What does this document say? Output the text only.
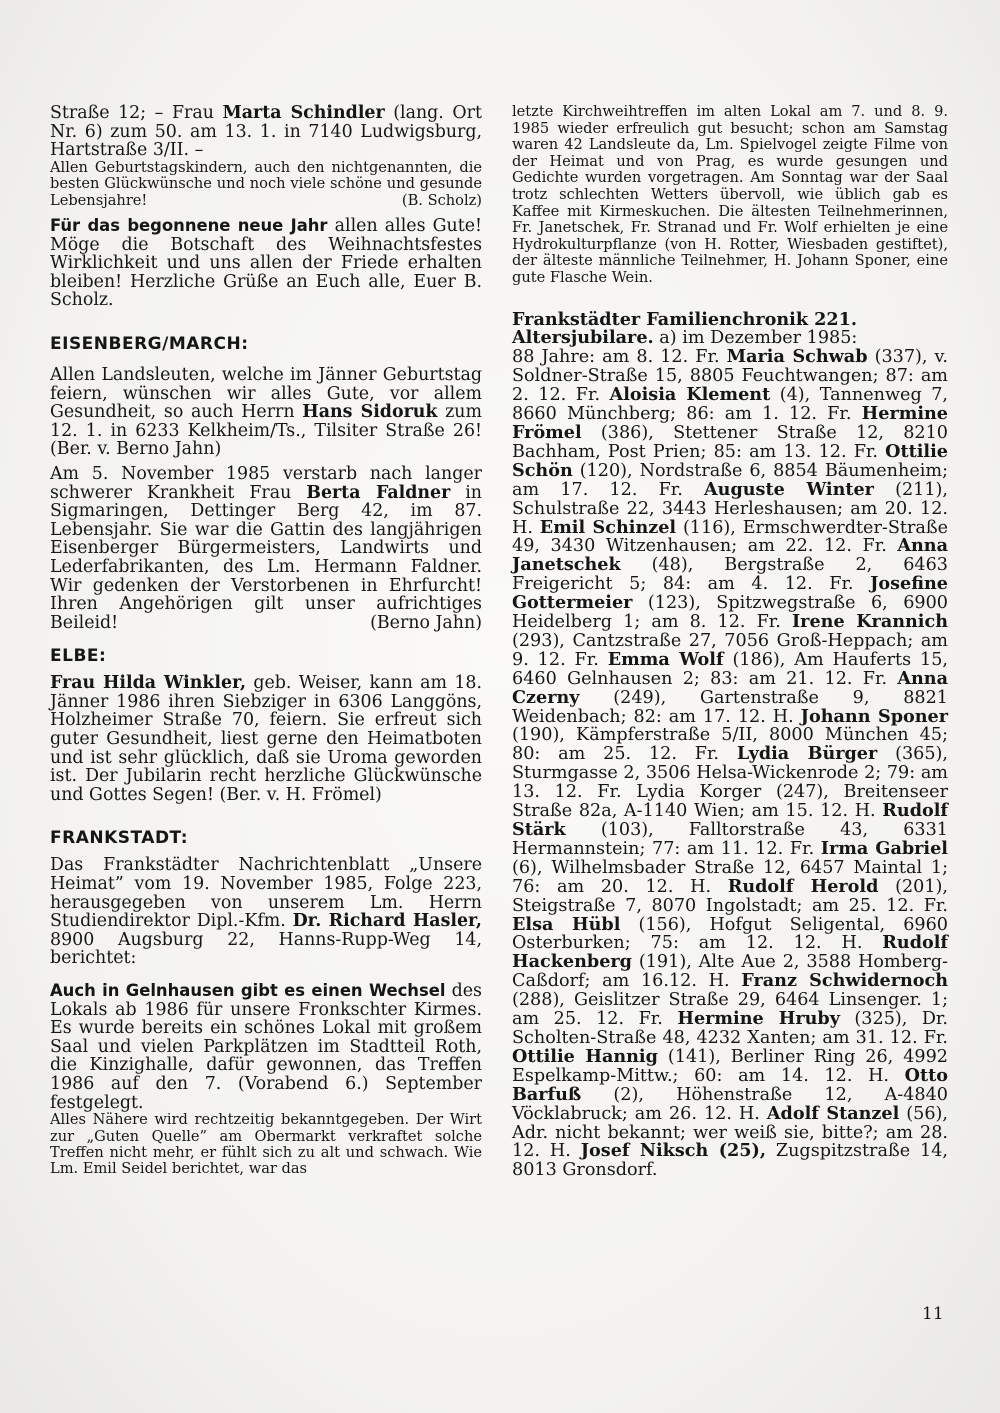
Straße 12; – Frau Marta Schindler (lang. Ort Nr. 6) zum 50. am 13. 1. in 7140 Ludwigsburg, Hartstraße 3/II. –

Allen Geburtstagskindern, auch den nichtgenannten, die besten Glückwünsche und noch viele schöne und gesunde Lebensjahre!	(B. Scholz)

Für das begonnene neue Jahr allen alles Gute! Möge die Botschaft des Weihnachtsfestes Wirklichkeit und uns allen der Friede erhalten bleiben! Herzliche Grüße an Euch alle, Euer B. Scholz.

EISENBERG/MARCH:

Allen Landsleuten, welche im Jänner Geburtstag feiern, wünschen wir alles Gute, vor allem Gesundheit, so auch Herrn Hans Sidoruk zum 12. 1. in 6233 Kelkheim/Ts., Tilsiter Straße 26! (Ber. v. Berno Jahn)

Am 5. November 1985 verstarb nach langer schwerer Krankheit Frau Berta Faldner in Sigmaringen, Dettinger Berg 42, im 87. Lebensjahr. Sie war die Gattin des langjährigen Eisenberger Bürgermeisters, Landwirts und Lederfabrikanten, des Lm. Hermann Faldner. Wir gedenken der Verstorbenen in Ehrfurcht! Ihren Angehörigen gilt unser aufrichtiges Beileid!	(Berno Jahn)

ELBE:

Frau Hilda Winkler, geb. Weiser, kann am 18. Jänner 1986 ihren Siebziger in 6306 Langgöns, Holzheimer Straße 70, feiern. Sie erfreut sich guter Gesundheit, liest gerne den Heimatboten und ist sehr glücklich, daß sie Uroma geworden ist. Der Jubilarin recht herzliche Glückwünsche und Gottes Segen! (Ber. v. H. Frömel)

FRANKSTADT:

Das Frankstädter Nachrichtenblatt „Unsere Heimat” vom 19. November 1985, Folge 223, herausgegeben von unserem Lm. Herrn Studiendirektor Dipl.-Kfm. Dr. Richard Hasler, 8900 Augsburg 22, Hanns-Rupp-Weg 14, berichtet:

Auch in Gelnhausen gibt es einen Wechsel des Lokals ab 1986 für unsere Fronkschter Kirmes. Es wurde bereits ein schönes Lokal mit großem Saal und vielen Parkplätzen im Stadtteil Roth, die Kinzighalle, dafür gewonnen, das Treffen 1986 auf den 7. (Vorabend 6.) September festgelegt.

Alles Nähere wird rechtzeitig bekanntgegeben. Der Wirt zur „Guten Quelle” am Obermarkt verkraftet solche Treffen nicht mehr, er fühlt sich zu alt und schwach. Wie Lm. Emil Seidel berichtet, war das

letzte Kirchweihtreffen im alten Lokal am 7. und 8. 9. 1985 wieder erfreulich gut besucht; schon am Samstag waren 42 Landsleute da, Lm. Spielvogel zeigte Filme von der Heimat und von Prag, es wurde gesungen und Gedichte wurden vorgetragen. Am Sonntag war der Saal trotz schlechten Wetters übervoll, wie üblich gab es Kaffee mit Kirmeskuchen. Die ältesten Teilnehmerinnen, Fr. Janetschek, Fr. Stranad und Fr. Wolf erhielten je eine Hydrokulturpflanze (von H. Rotter, Wiesbaden gestiftet), der älteste männliche Teilnehmer, H. Johann Sponer, eine gute Flasche Wein.

Frankstädter Familienchronik 221.

Altersjubilare. a) im Dezember 1985:
88 Jahre: am 8. 12. Fr. Maria Schwab (337), v. Soldner-Straße 15, 8805 Feuchtwangen; 87: am 2. 12. Fr. Aloisia Klement (4), Tannenweg 7, 8660 Münchberg; 86: am 1. 12. Fr. Hermine Frömel (386), Stettener Straße 12, 8210 Bachham, Post Prien; 85: am 13. 12. Fr. Ottilie Schön (120), Nordstraße 6, 8854 Bäumenheim; am 17. 12. Fr. Auguste Winter (211), Schulstraße 22, 3443 Herleshausen; am 20. 12. H. Emil Schinzel (116), Ermschwerdter-Straße 49, 3430 Witzenhausen; am 22. 12. Fr. Anna Janetschek (48), Bergstraße 2, 6463 Freigericht 5; 84: am 4. 12. Fr. Josefine Gottermeier (123), Spitzwegstraße 6, 6900 Heidelberg 1; am 8. 12. Fr. Irene Krannich (293), Cantzstraße 27, 7056 Groß-Heppach; am 9. 12. Fr. Emma Wolf (186), Am Hauferts 15, 6460 Gelnhausen 2; 83: am 21. 12. Fr. Anna Czerny (249), Gartenstraße 9, 8821 Weidenbach; 82: am 17. 12. H. Johann Sponer (190), Kämpferstraße 5/II, 8000 München 45; 80: am 25. 12. Fr. Lydia Bürger (365), Sturmgasse 2, 3506 Helsa-Wickenrode 2; 79: am 13. 12. Fr. Lydia Korger (247), Breitenseer Straße 82a, A-1140 Wien; am 15. 12. H. Rudolf Stärk (103), Falltorstraße 43, 6331 Hermannstein; 77: am 11. 12. Fr. Irma Gabriel (6), Wilhelmsbader Straße 12, 6457 Maintal 1; 76: am 20. 12. H. Rudolf Herold (201), Steigstraße 7, 8070 Ingolstadt; am 25. 12. Fr. Elsa Hübl (156), Hofgut Seligental, 6960 Osterburken; 75: am 12. 12. H. Rudolf Hackenberg (191), Alte Aue 2, 3588 Homberg-Caßdorf; am 16.12. H. Franz Schwidernoch (288), Geislitzer Straße 29, 6464 Linsenger. 1; am 25. 12. Fr. Hermine Hruby (325), Dr. Scholten-Straße 48, 4232 Xanten; am 31. 12. Fr. Ottilie Hannig (141), Berliner Ring 26, 4992 Espelkamp-Mittw.; 60: am 14. 12. H. Otto Barfuß (2), Höhenstraße 12, A-4840 Vöcklabruck; am 26. 12. H. Adolf Stanzel (56), Adr. nicht bekannt; wer weiß sie, bitte?; am 28. 12. H. Josef Niksch (25), Zugspitzstraße 14, 8013 Gronsdorf.

11
